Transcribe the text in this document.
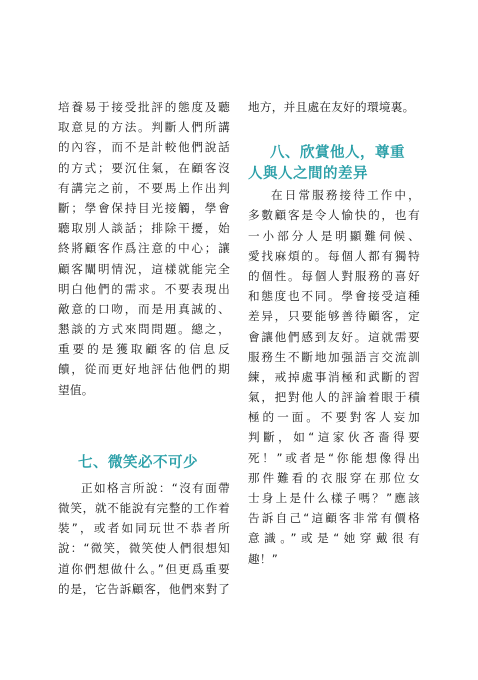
培養易于接受批評的態度及聽
取意見的方法。判斷人們所講
的內容，而不是計較他們說話
的方式；要沉住氣，在顧客沒
有講完之前，不要馬上作出判
斷；學會保持目光接觸，學會
聽取別人談話；排除干擾，始
終將顧客作爲注意的中心；讓
顧客闡明情況，這樣就能完全
明白他們的需求。不要表現出
敵意的口吻，而是用真誠的、
懇談的方式來問問題。總之，
重要的是獲取顧客的信息反
饋，從而更好地評估他們的期
望值。
七、微笑必不可少
正如格言所說：“沒有面帶
微笑，就不能說有完整的工作着
裝”，或者如同玩世不恭者所
說：“微笑，微笑使人們很想知
道你們想做什么。”但更爲重要
的是，它告訴顧客，他們來對了
地方，并且處在友好的環境裏。
八、欣賞他人，尊重
人與人之間的差异
在日常服務接待工作中，
多數顧客是令人愉快的，也有
一小部分人是明顯難伺候、
愛找麻煩的。每個人都有獨特
的個性。每個人對服務的喜好
和態度也不同。學會接受這種
差异，只要能够善待顧客，定
會讓他們感到友好。這就需要
服務生不斷地加强語言交流訓
練，戒掉處事消極和武斷的習
氣，把對他人的評論着眼于積
極的一面。不要對客人妄加
判斷，如“這家伙吝嗇得要
死！”或者是“你能想像得出
那件難看的衣服穿在那位女
士身上是什么樣子嗎？”應該
告訴自己“這顧客非常有價格
意識。”或是“她穿戴很有
趣！”
